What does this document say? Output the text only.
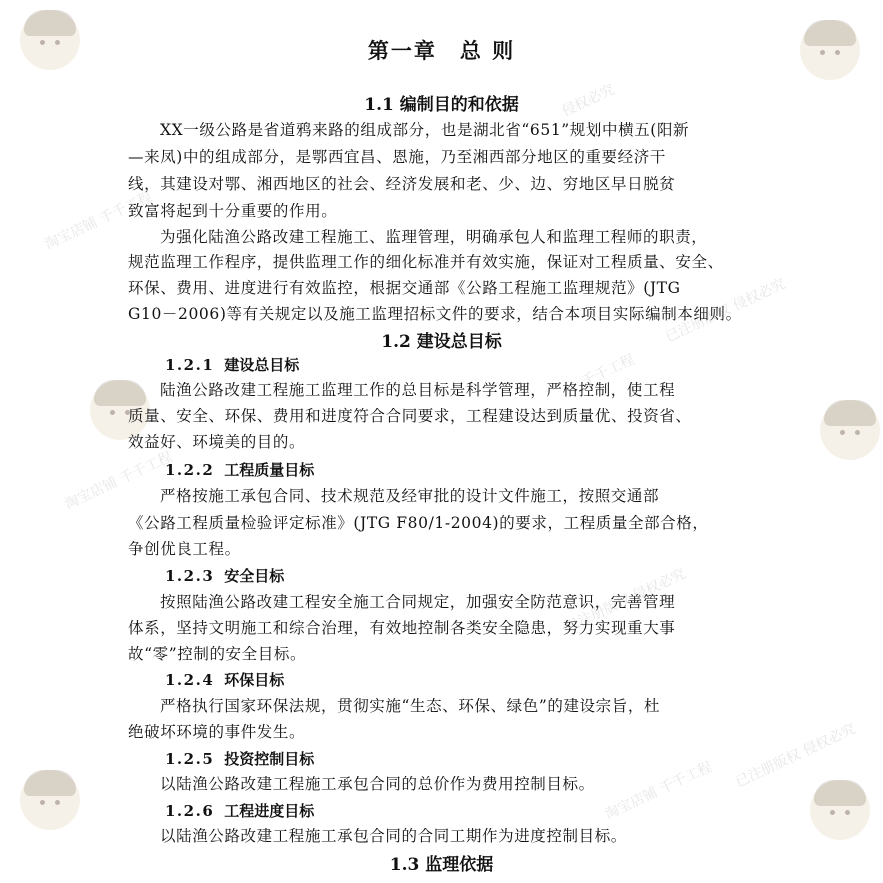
淘宝店铺 千千工程
已注册版权 侵权必究
淘宝店铺 千千工程
已注册版权 侵权必究
淘宝店铺 千千工程
侵权必究
千千工程
已注册版权 侵权必究
第一章　总 则
1.1 编制目的和依据
XX一级公路是省道鸦来路的组成部分，也是湖北省“651”规划中横五(阳新
—来凤)中的组成部分，是鄂西宜昌、恩施，乃至湘西部分地区的重要经济干
线，其建设对鄂、湘西地区的社会、经济发展和老、少、边、穷地区早日脱贫
致富将起到十分重要的作用。
为强化陆渔公路改建工程施工、监理管理，明确承包人和监理工程师的职责，
规范监理工作程序，提供监理工作的细化标准并有效实施，保证对工程质量、安全、
环保、费用、进度进行有效监控，根据交通部《公路工程施工监理规范》(JTG
G10－2006)等有关规定以及施工监理招标文件的要求，结合本项目实际编制本细则。
1.2 建设总目标
1.2.1 建设总目标
陆渔公路改建工程施工监理工作的总目标是科学管理，严格控制，使工程
质量、安全、环保、费用和进度符合合同要求，工程建设达到质量优、投资省、
效益好、环境美的目的。
1.2.2 工程质量目标
严格按施工承包合同、技术规范及经审批的设计文件施工，按照交通部
《公路工程质量检验评定标准》(JTG F80/1-2004)的要求，工程质量全部合格，
争创优良工程。
1.2.3 安全目标
按照陆渔公路改建工程安全施工合同规定，加强安全防范意识，完善管理
体系，坚持文明施工和综合治理，有效地控制各类安全隐患，努力实现重大事
故“零”控制的安全目标。
1.2.4 环保目标
严格执行国家环保法规，贯彻实施“生态、环保、绿色”的建设宗旨，杜
绝破坏环境的事件发生。
1.2.5 投资控制目标
以陆渔公路改建工程施工承包合同的总价作为费用控制目标。
1.2.6 工程进度目标
以陆渔公路改建工程施工承包合同的合同工期作为进度控制目标。
1.3 监理依据
